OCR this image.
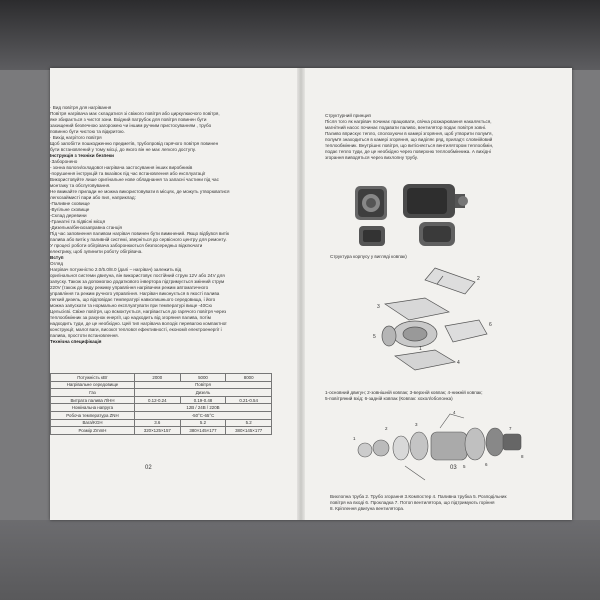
· Вид повітря для нагрівання

Повітря нагрівача має складатися зі свіжого повітря або циркулюючого повітря,

яке збирається з чистої зони. Вхідний патрубок для повітря повинен бути

захищений безпечною загорожею чи іншим ручним пристосуванням , трубо

повинно бути чистою та відкритою.

· Вихід нагрітого повітря

Щоб запобігти пошкодженню предметів, трубопровід гарячого повітря повинен

бути встановлений у тому місці, до якого він не має легкого доступу.

Інструкція з техніки безпеки

·Заборонено

- зонна вологи/складової нагрівача застосування інших виробників

-порушення інструкцій та вказівок під час встановлення або експлуатації

Використовуйте лише оригінальне нове обладнання та запасні частини під час

монтажу та обслуговування.

Не вмикайте прилади не можна використовувати в місцях, де можуть утворюватися

легкозаймисті пари або пил, наприклад:

-Паливне сховище

-Вугільне сховище

-Склад деревини

-Гранатні та підвісні місця

-Дизельна/бензозаправна станція

Під час заповнення паливом нагрівач повинен бути вимкнений. Якщо відбувся витік

палива або витік у паливній системі, зверніться до сервісного центру для ремонту.

У процесі роботи обігрівача заборонюються безпосередньо відключати

електрику, щоб зупинити роботу обігрівача.

Вступ

Огляд

Нагрівач потужністю 2.0/5.0/8.0 (далі – нагрівач) залежить від

оригінальної системи двигуна, він використовує постійний струм 12V або 24V для

запуску. Також за допомогою додаткового інвертора підтримується змінний струм

220V (також до виду режиму управління нагрівачем режим автоматичного

управління та режим ручного управління. Нагрівач виконується в якості палива

легкий дизель, що відповідає температурі навколишнього середовища, і його

можна запускати та нормально експлуатувати при температурі вище -40Сю

Цельсієві. Свіже повітря, що всмоктується, нагрівається до гарячого повітря через

теплообмінник за рахунок енергії, що надходить від згоряння палива, потім

надходить туди, де це необхідно. Цей тип нагрівача володіє перевагою компактної

конструкції, малої ваги, високої теплової ефективності, економії електроенергії і

палива, простоти встановлення.

Технічна специфікація

Потужність кВт	2000	5000	8000
Нагрівальне середовище	Повітря		
Газ	Дизель		
Витрата палива Л/НН	0.12-0.24	0.19-0.48	0.21-0.54
Номінальна напруга	12В / 24В / 220В		
Робоча температура ZNH	-50°C-65°C		
Вага/KGH	3.6	5.2	5.2
Розмір ZmmH	320×125×157	380×145×177	380×145×177
02

Структурний принцип

Після того як нагрівач починає працювати, свічка розжарювання накаляється,

магнітний насос починає подавати паливо, вентилятор подає повітря зовні.

Паливо вприскує тепло, сполохуючи в камері згоряння, щоб утворити полум'я,

полум'я знаходиться в камері згоряння, що виділяє ряд, прилад'є словнійовий

теплообмінник. Внутрішнє повітря, що витісняється вентилятором теплообмін,

подає тепло туди, де це необхідно через поверхню теплообмінника. А вихідні

згорання виводяться через вихлопну трубу.

Структура корпусу у вигляді ковпак)
2
3
5
6
4
1

1-основний двигун; 2-зовнішній ковпак; 3-верхній ковпак; 4-нижній ковпак;

5-повітряний вхід; 6-задній ковпак (Ковпак: хохол/оболонка)

1
2
3
4
5	6
7
8

Вихлопна труба 2. Трубо згорання 3.Компостер 4. Паливна трубка 5. Розподільник

повітря на вході 6. Прокладка 7. Потоп вентилятора, що підтримують горіння

8. Кріплення двигуна вентилятора.

03
